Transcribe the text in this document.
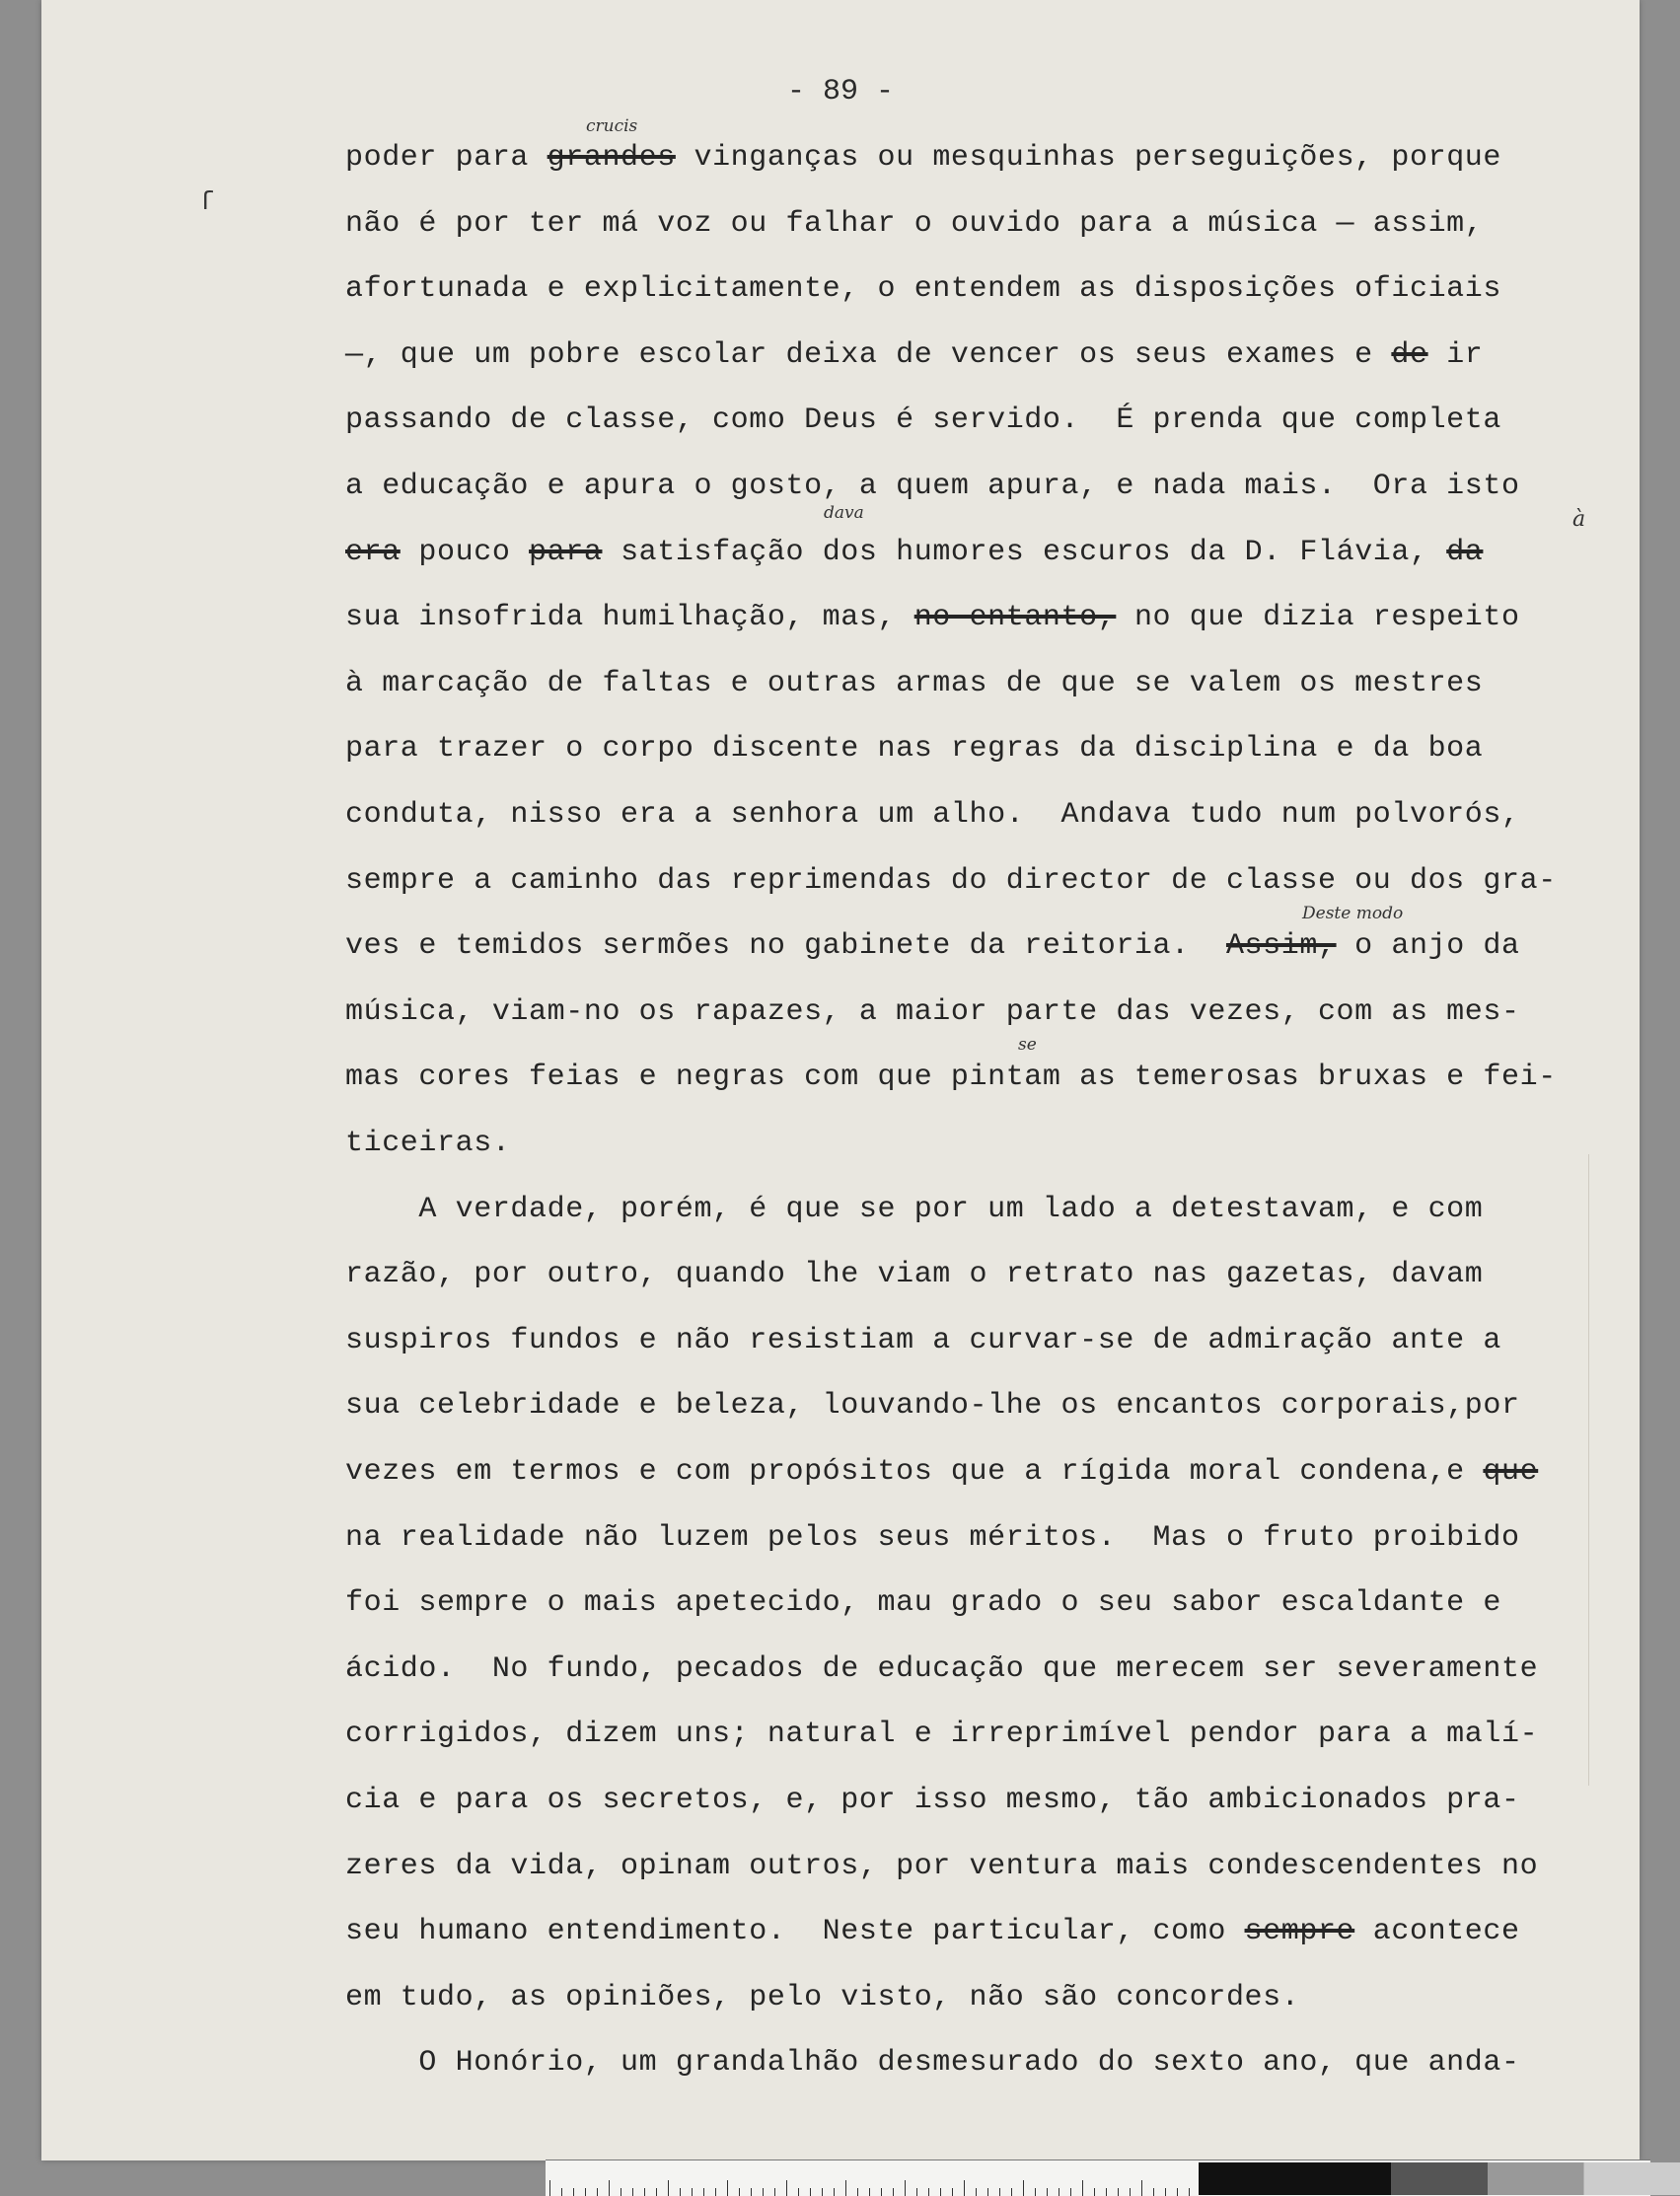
- 89 -
ſ
poder para grandes vinganças ou mesquinhas perseguições, porque
não é por ter má voz ou falhar o ouvido para a música — assim,
afortunada e explicitamente, o entendem as disposições oficiais
—, que um pobre escolar deixa de vencer os seus exames e de ir
passando de classe, como Deus é servido.  É prenda que completa
a educação e apura o gosto, a quem apura, e nada mais.  Ora isto
era pouco para satisfação dos humores escuros da D. Flávia, da
sua insofrida humilhação, mas, no entanto, no que dizia respeito
à marcação de faltas e outras armas de que se valem os mestres
para trazer o corpo discente nas regras da disciplina e da boa
conduta, nisso era a senhora um alho.  Andava tudo num polvorós,
sempre a caminho das reprimendas do director de classe ou dos gra-
ves e temidos sermões no gabinete da reitoria.  Assim, o anjo da
música, viam-no os rapazes, a maior parte das vezes, com as mes-
mas cores feias e negras com que pintam as temerosas bruxas e fei-
ticeiras.
A verdade, porém, é que se por um lado a detestavam, e com
razão, por outro, quando lhe viam o retrato nas gazetas, davam
suspiros fundos e não resistiam a curvar-se de admiração ante a
sua celebridade e beleza, louvando-lhe os encantos corporais,por
vezes em termos e com propósitos que a rígida moral condena,e que
na realidade não luzem pelos seus méritos.  Mas o fruto proibido
foi sempre o mais apetecido, mau grado o seu sabor escaldante e
ácido.  No fundo, pecados de educação que merecem ser severamente
corrigidos, dizem uns; natural e irreprimível pendor para a malí-
cia e para os secretos, e, por isso mesmo, tão ambicionados pra-
zeres da vida, opinam outros, por ventura mais condescendentes no
seu humano entendimento.  Neste particular, como sempre acontece
em tudo, as opiniões, pelo visto, não são concordes.
O Honório, um grandalhão desmesurado do sexto ano, que anda-
crucis
dava	à
Deste modo
se
